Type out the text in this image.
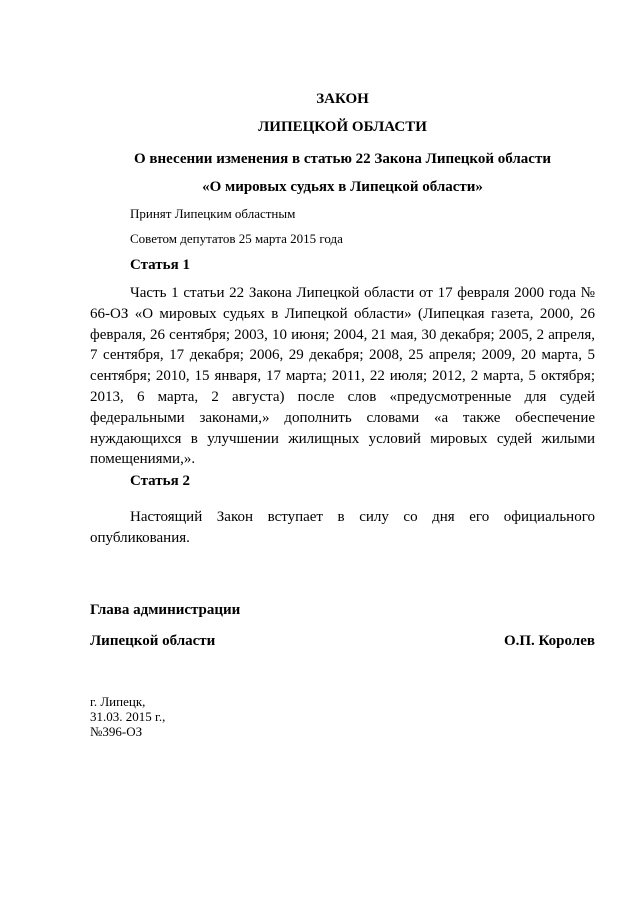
ЗАКОН
ЛИПЕЦКОЙ ОБЛАСТИ
О внесении изменения в статью 22 Закона Липецкой области
«О мировых судьях в Липецкой области»
Принят Липецким областным
Советом депутатов 25 марта 2015 года
Статья 1

Часть 1 статьи 22 Закона Липецкой области от 17 февраля 2000 года № 66-ОЗ «О мировых судьях в Липецкой области» (Липецкая газета, 2000, 26 февраля, 26 сентября; 2003, 10 июня; 2004, 21 мая, 30 декабря; 2005, 2 апреля, 7 сентября, 17 декабря; 2006, 29 декабря; 2008, 25 апреля; 2009, 20 марта, 5 сентября; 2010, 15 января, 17 марта; 2011, 22 июля; 2012, 2 марта, 5 октября; 2013, 6 марта, 2 августа) после слов «предусмотренные для судей федеральными законами,» дополнить словами «а также обеспечение нуждающихся в улучшении жилищных условий мировых судей жилыми помещениями,».

Статья 2

Настоящий Закон вступает в силу со дня его официального опубликования.

Глава администрации
Липецкой области	О.П. Королев
г. Липецк,
31.03. 2015 г.,
№396-ОЗ
